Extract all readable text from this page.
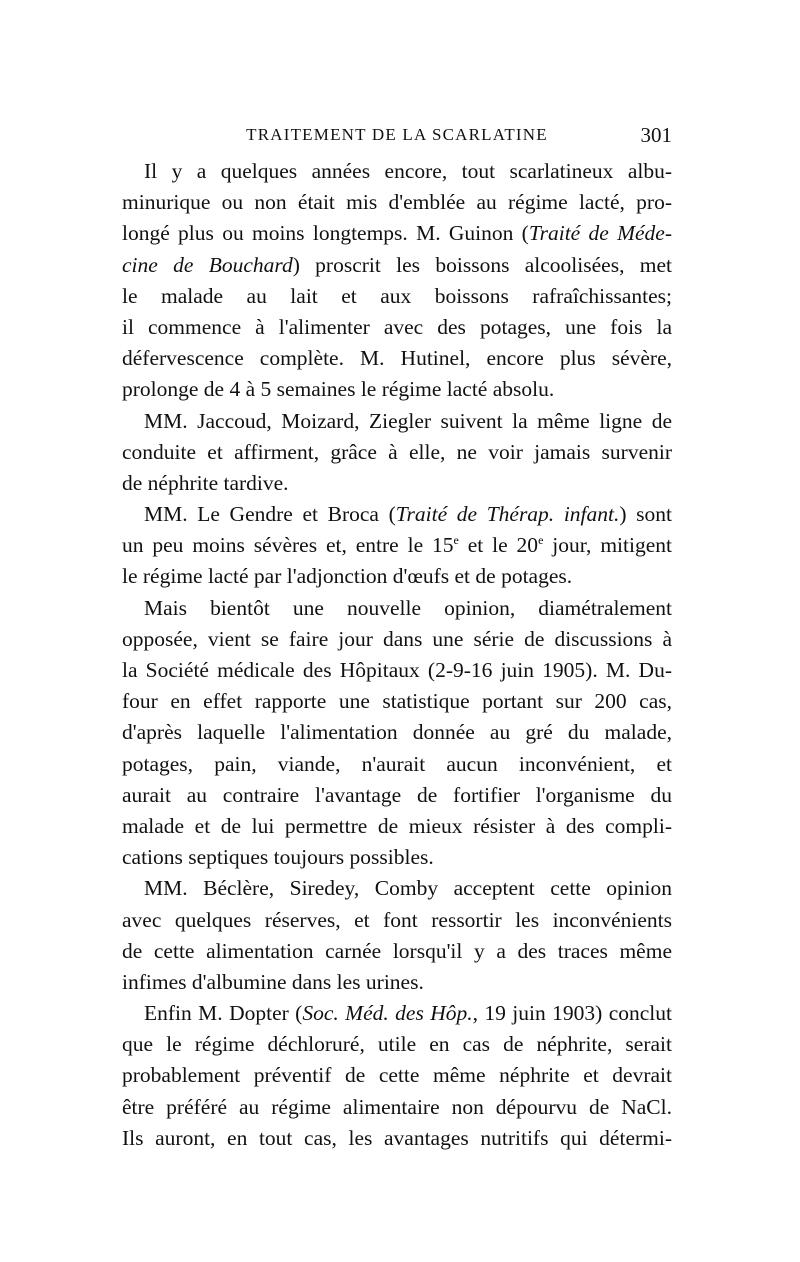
TRAITEMENT DE LA SCARLATINE	301
Il y a quelques années encore, tout scarlatineux albu-
minurique ou non était mis d'emblée au régime lacté, pro-
longé plus ou moins longtemps. M. Guinon (Traité de Méde-
cine de Bouchard) proscrit les boissons alcoolisées, met
le malade au lait et aux boissons rafraîchissantes;
il commence à l'alimenter avec des potages, une fois la
défervescence complète. M. Hutinel, encore plus sévère,
prolonge de 4 à 5 semaines le régime lacté absolu.
MM. Jaccoud, Moizard, Ziegler suivent la même ligne de
conduite et affirment, grâce à elle, ne voir jamais survenir
de néphrite tardive.
MM. Le Gendre et Broca (Traité de Thérap. infant.) sont
un peu moins sévères et, entre le 15e et le 20e jour, mitigent
le régime lacté par l'adjonction d'œufs et de potages.
Mais bientôt une nouvelle opinion, diamétralement
opposée, vient se faire jour dans une série de discussions à
la Société médicale des Hôpitaux (2-9-16 juin 1905). M. Du-
four en effet rapporte une statistique portant sur 200 cas,
d'après laquelle l'alimentation donnée au gré du malade,
potages, pain, viande, n'aurait aucun inconvénient, et
aurait au contraire l'avantage de fortifier l'organisme du
malade et de lui permettre de mieux résister à des compli-
cations septiques toujours possibles.
MM. Béclère, Siredey, Comby acceptent cette opinion
avec quelques réserves, et font ressortir les inconvénients
de cette alimentation carnée lorsqu'il y a des traces même
infimes d'albumine dans les urines.
Enfin M. Dopter (Soc. Méd. des Hôp., 19 juin 1903) conclut
que le régime déchloruré, utile en cas de néphrite, serait
probablement préventif de cette même néphrite et devrait
être préféré au régime alimentaire non dépourvu de NaCl.
Ils auront, en tout cas, les avantages nutritifs qui détermi-
